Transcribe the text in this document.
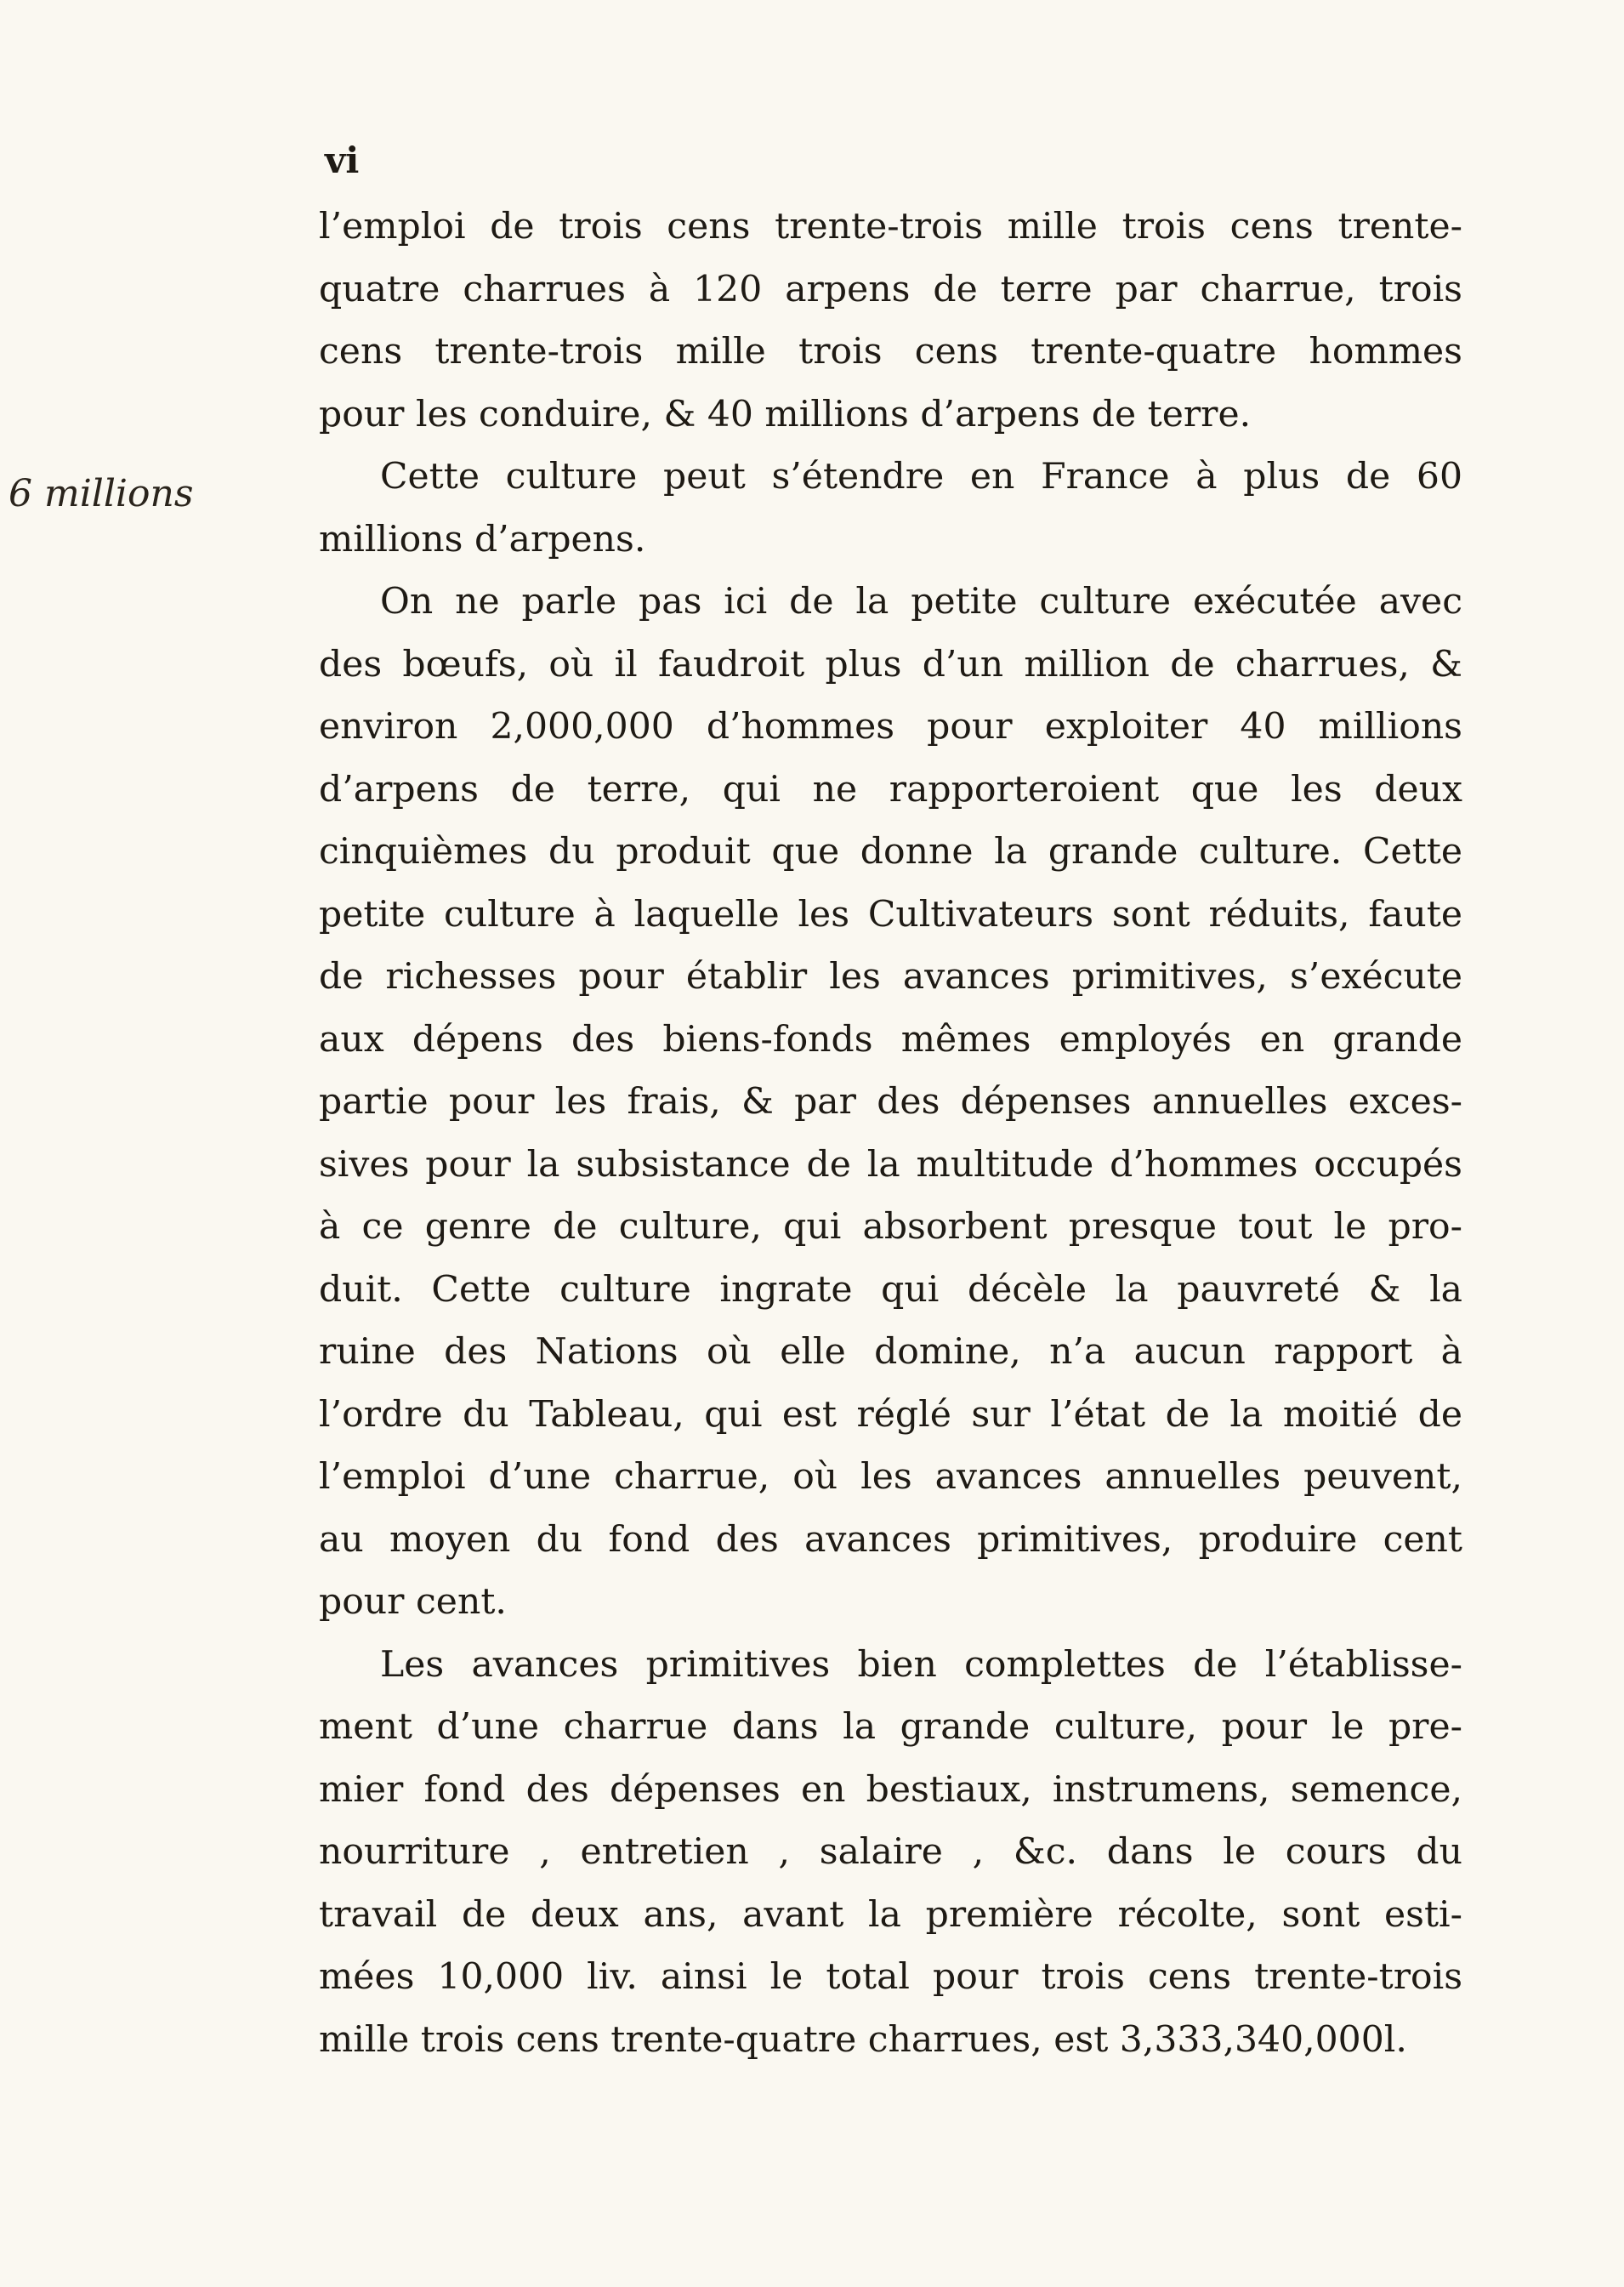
vi
6 millions
l’emploi de trois cens trente-trois mille trois cens trente-
quatre charrues à 120 arpens de terre par charrue, trois
cens trente-trois mille trois cens trente-quatre hommes
pour les conduire, & 40 millions d’arpens de terre.
Cette culture peut s’étendre en France à plus de 60
millions d’arpens.
On ne parle pas ici de la petite culture exécutée avec
des bœufs, où il faudroit plus d’un million de charrues, &
environ 2,000,000 d’hommes pour exploiter 40 millions
d’arpens de terre, qui ne rapporteroient que les deux
cinquièmes du produit que donne la grande culture. Cette
petite culture à laquelle les Cultivateurs sont réduits, faute
de richesses pour établir les avances primitives, s’exécute
aux dépens des biens-fonds mêmes employés en grande
partie pour les frais, & par des dépenses annuelles exces-
sives pour la subsistance de la multitude d’hommes occupés
à ce genre de culture, qui absorbent presque tout le pro-
duit. Cette culture ingrate qui décèle la pauvreté & la
ruine des Nations où elle domine, n’a aucun rapport à
l’ordre du Tableau, qui est réglé sur l’état de la moitié de
l’emploi d’une charrue, où les avances annuelles peuvent,
au moyen du fond des avances primitives, produire cent
pour cent.
Les avances primitives bien complettes de l’établisse-
ment d’une charrue dans la grande culture, pour le pre-
mier fond des dépenses en bestiaux, instrumens, semence,
nourriture , entretien , salaire , &c. dans le cours du
travail de deux ans, avant la première récolte, sont esti-
mées 10,000 liv. ainsi le total pour trois cens trente-trois
mille trois cens trente-quatre charrues, est 3,333,340,000l.
